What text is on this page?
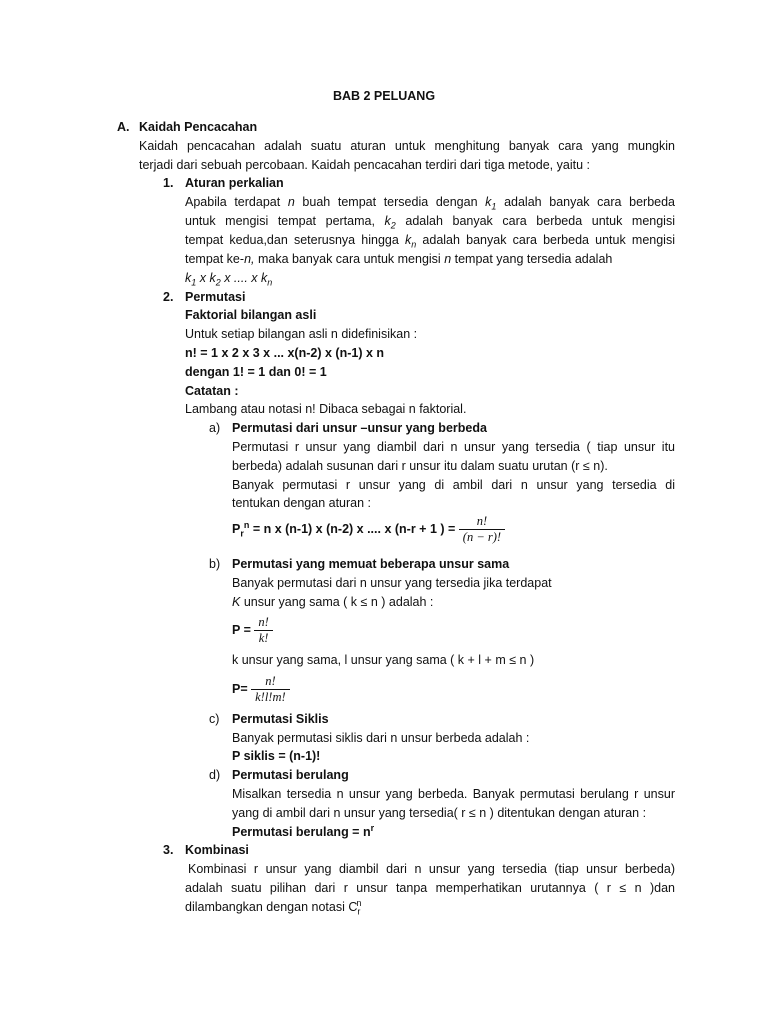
BAB 2 PELUANG
A. Kaidah Pencacahan
Kaidah pencacahan adalah suatu aturan untuk menghitung banyak cara yang mungkin
terjadi dari sebuah percobaan. Kaidah pencacahan terdiri dari tiga metode, yaitu :
1. Aturan perkalian
Apabila terdapat n buah tempat tersedia dengan $k_1$ adalah banyak cara berbeda
untuk mengisi tempat pertama, $k_2$ adalah banyak cara berbeda untuk mengisi
tempat kedua,dan seterusnya hingga $k_n$ adalah banyak cara berbeda untuk mengisi
tempat ke-n, maka banyak cara untuk mengisi n tempat yang tersedia adalah
$k_1$ x $k_2$ x .... x $k_n$
2. Permutasi
Faktorial bilangan asli
Untuk setiap bilangan asli n didefinisikan :
n! = 1 x 2 x 3 x ... x(n-2) x (n-1) x n
dengan 1! = 1 dan 0! = 1
Catatan :
Lambang atau notasi n! Dibaca sebagai n faktorial.
a) Permutasi dari unsur –unsur yang berbeda
Permutasi r unsur yang diambil dari n unsur yang tersedia ( tiap unsur itu
berbeda) adalah susunan dari r unsur itu dalam suatu urutan (r ≤ n).
Banyak permutasi r unsur yang di ambil dari n unsur yang tersedia di
tentukan dengan aturan :
$P_r^n = n$ x (n-1) x (n-2) x .... x (n-r + 1 ) = $\frac{n!}{(n - r)!}$
b) Permutasi yang memuat beberapa unsur sama
Banyak permutasi dari n unsur yang tersedia jika terdapat
K unsur yang sama ( k ≤ n ) adalah :
$P = \frac{n!}{k!}$
k unsur yang sama, l unsur yang sama ( k + l + m ≤ n )
$P= \frac{n!}{k!l!m!}$
c) Permutasi Siklis
Banyak permutasi siklis dari n unsur berbeda adalah :
P siklis = (n-1)!
d) Permutasi berulang
Misalkan tersedia n unsur yang berbeda. Banyak permutasi berulang r unsur
yang di ambil dari n unsur yang tersedia( r ≤ n ) ditentukan dengan aturan :
Permutasi berulang = $n^r$
3. Kombinasi
Kombinasi r unsur yang diambil dari n unsur yang tersedia (tiap unsur berbeda)
adalah suatu pilihan dari r unsur tanpa memperhatikan urutannya ( r ≤ n )dan
dilambangkan dengan notasi $C_r^n$
